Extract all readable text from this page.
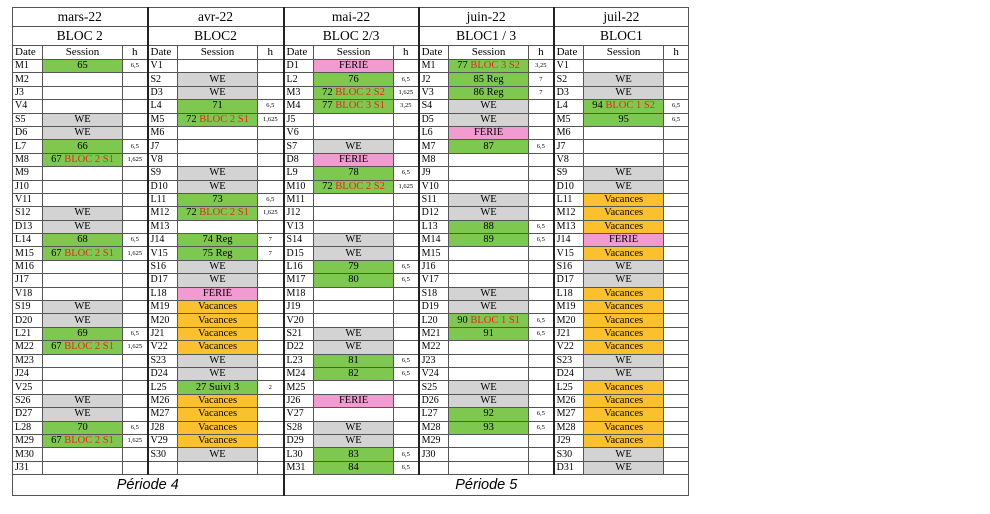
mars-22			avr-22			mai-22			juin-22			juil-22		
BLOC 2			BLOC2			BLOC 2/3			BLOC1 / 3			BLOC1		
Date	Session	h	Date	Session	h	Date	Session	h	Date	Session	h	Date	Session	h
M1	65	6,5	V1			D1	FÉRIÉ		M1	77 BLOC 3 S2	3,25	V1		
M2			S2	WE		L2	76	6,5	J2	85 Reg	7	S2	WE	
J3			D3	WE		M3	72 BLOC 2 S2	1,625	V3	86 Reg	7	D3	WE	
V4			L4	71	6,5	M4	77 BLOC 3 S1	3,25	S4	WE		L4	94 BLOC 1 S2	6,5
S5	WE		M5	72 BLOC 2 S1	1,625	J5			D5	WE		M5	95	6,5
D6	WE		M6			V6			L6	FÉRIÉ		M6		
L7	66	6,5	J7			S7	WE		M7	87	6,5	J7		
M8	67 BLOC 2 S1	1,625	V8			D8	FÉRIÉ		M8			V8		
M9			S9	WE		L9	78	6,5	J9			S9	WE	
J10			D10	WE		M10	72 BLOC 2 S2	1,625	V10			D10	WE	
V11			L11	73	6,5	M11			S11	WE		L11	Vacances	
S12	WE		M12	72 BLOC 2 S1	1,625	J12			D12	WE		M12	Vacances	
D13	WE		M13			V13			L13	88	6,5	M13	Vacances	
L14	68	6,5	J14	74 Reg	7	S14	WE		M14	89	6,5	J14	FÉRIÉ	
M15	67 BLOC 2 S1	1,625	V15	75 Reg	7	D15	WE		M15			V15	Vacances	
M16			S16	WE		L16	79	6,5	J16			S16	WE	
J17			D17	WE		M17	80	6,5	V17			D17	WE	
V18			L18	FÉRIÉ		M18			S18	WE		L18	Vacances	
S19	WE		M19	Vacances		J19			D19	WE		M19	Vacances	
D20	WE		M20	Vacances		V20			L20	90 BLOC 1 S1	6,5	M20	Vacances	
L21	69	6,5	J21	Vacances		S21	WE		M21	91	6,5	J21	Vacances	
M22	67 BLOC 2 S1	1,625	V22	Vacances		D22	WE		M22			V22	Vacances	
M23			S23	WE		L23	81	6,5	J23			S23	WE	
J24			D24	WE		M24	82	6,5	V24			D24	WE	
V25			L25	27 Suivi 3	2	M25			S25	WE		L25	Vacances	
S26	WE		M26	Vacances		J26	FÉRIÉ		D26	WE		M26	Vacances	
D27	WE		M27	Vacances		V27			L27	92	6,5	M27	Vacances	
L28	70	6,5	J28	Vacances		S28	WE		M28	93	6,5	M28	Vacances	
M29	67 BLOC 2 S1	1,625	V29	Vacances		D29	WE		M29			J29	Vacances	
M30			S30	WE		L30	83	6,5	J30			S30	WE	
J31						M31	84	6,5				D31	WE	
Période 4						Période 5								
